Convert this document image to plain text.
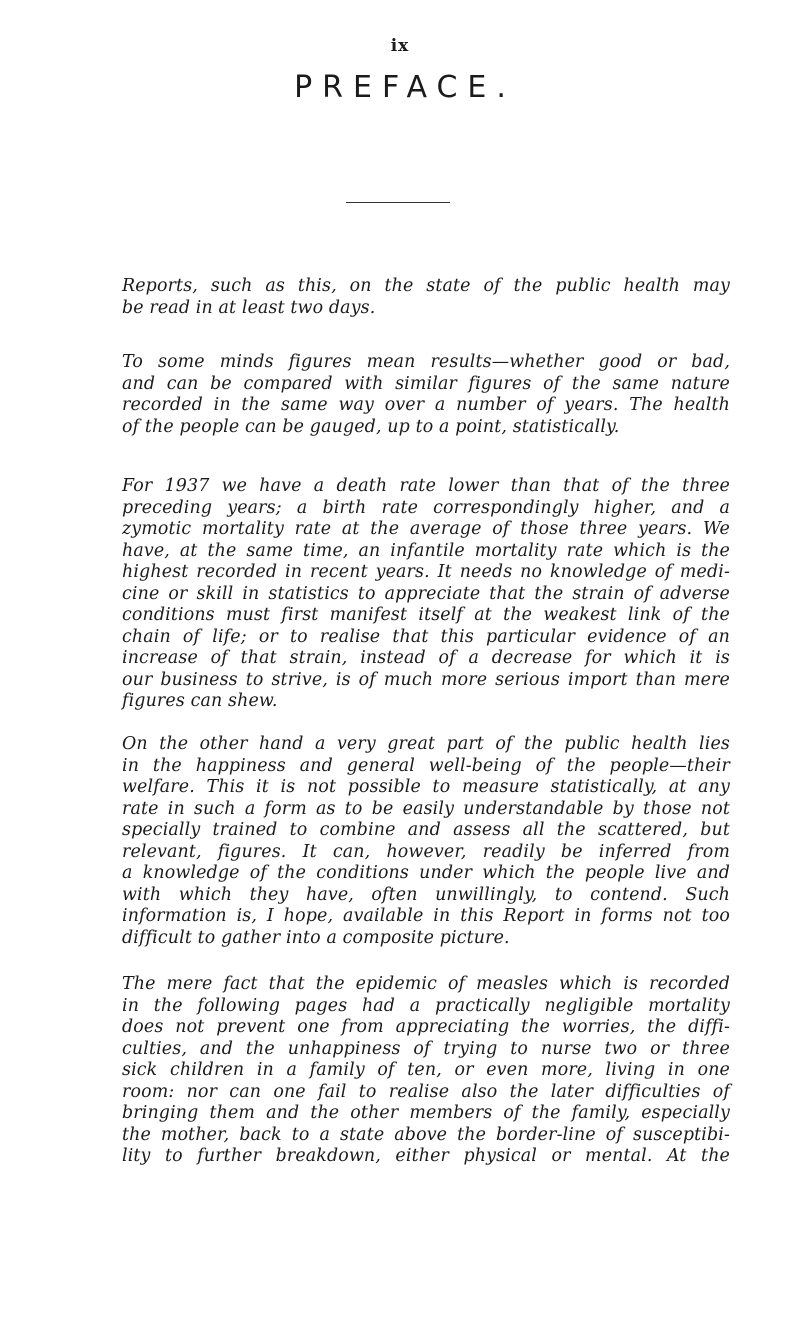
ix
PREFACE.
Reports, such as this, on the state of the public health may
be read in at least two days.
To some minds figures mean results—whether good or bad,
and can be compared with similar figures of the same nature
recorded in the same way over a number of years. The health
of the people can be gauged, up to a point, statistically.
For 1937 we have a death rate lower than that of the three
preceding years; a birth rate correspondingly higher, and a
zymotic mortality rate at the average of those three years. We
have, at the same time, an infantile mortality rate which is the
highest recorded in recent years. It needs no knowledge of medi-
cine or skill in statistics to appreciate that the strain of adverse
conditions must first manifest itself at the weakest link of the
chain of life; or to realise that this particular evidence of an
increase of that strain, instead of a decrease for which it is
our business to strive, is of much more serious import than mere
figures can shew.
On the other hand a very great part of the public health lies
in the happiness and general well-being of the people—their
welfare. This it is not possible to measure statistically, at any
rate in such a form as to be easily understandable by those not
specially trained to combine and assess all the scattered, but
relevant, figures. It can, however, readily be inferred from
a knowledge of the conditions under which the people live and
with which they have, often unwillingly, to contend. Such
information is, I hope, available in this Report in forms not too
difficult to gather into a composite picture.
The mere fact that the epidemic of measles which is recorded
in the following pages had a practically negligible mortality
does not prevent one from appreciating the worries, the diffi-
culties, and the unhappiness of trying to nurse two or three
sick children in a family of ten, or even more, living in one
room: nor can one fail to realise also the later difficulties of
bringing them and the other members of the family, especially
the mother, back to a state above the border-line of susceptibi-
lity to further breakdown, either physical or mental. At the
